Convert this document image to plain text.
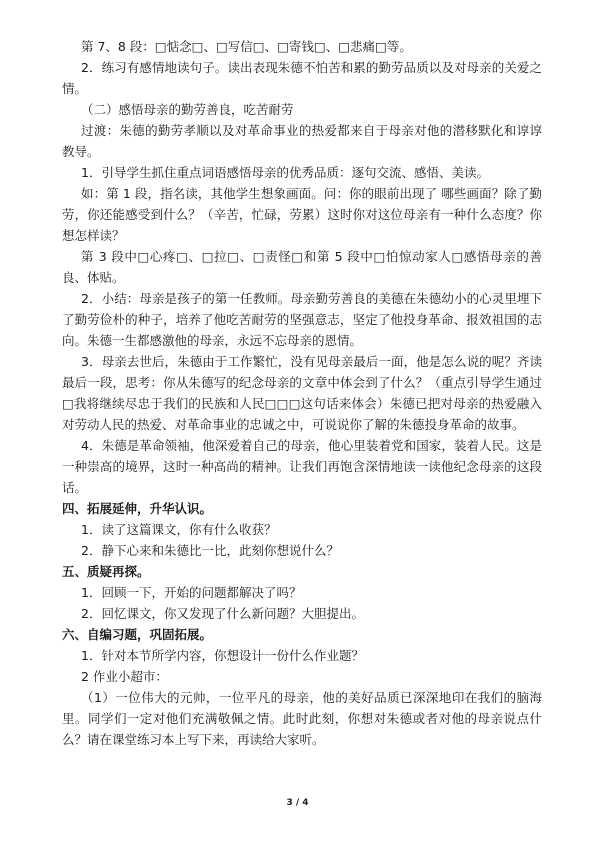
第 7、8 段：□惦念□、□写信□、□寄钱□、□悲痛□等。

2．练习有感情地读句子。读出表现朱德不怕苦和累的勤劳品质以及对母亲的关爱之情。

（二）感悟母亲的勤劳善良，吃苦耐劳

过渡：朱德的勤劳孝顺以及对革命事业的热爱都来自于母亲对他的潜移默化和谆谆教导。

1．引导学生抓住重点词语感悟母亲的优秀品质：逐句交流、感悟、美读。

如：第 1 段，指名读，其他学生想象画面。问：你的眼前出现了 哪些画面？除了勤劳，你还能感受到什么？（辛苦，忙碌，劳累）这时你对这位母亲有一种什么态度？你想怎样读？

第 3 段中□心疼□、□拉□、□责怪□和第 5 段中□怕惊动家人□感悟母亲的善良、体贴。

2．小结：母亲是孩子的第一任教师。母亲勤劳善良的美德在朱德幼小的心灵里埋下了勤劳俭朴的种子，培养了他吃苦耐劳的坚强意志，坚定了他投身革命、报效祖国的志向。朱德一生都感激他的母亲，永远不忘母亲的恩情。

3．母亲去世后，朱德由于工作繁忙，没有见母亲最后一面，他是怎么说的呢？齐读最后一段，思考：你从朱德写的纪念母亲的文章中体会到了什么？（重点引导学生通过□我将继续尽忠于我们的民族和人民□□□这句话来体会）朱德已把对母亲的热爱融入对劳动人民的热爱、对革命事业的忠诚之中，可说说你了解的朱德投身革命的故事。

4．朱德是革命领袖，他深爱着自己的母亲，他心里装着党和国家，装着人民。这是一种崇高的境界，这时一种高尚的精神。让我们再饱含深情地读一读他纪念母亲的这段话。

四、拓展延伸，升华认识。

1．读了这篇课文，你有什么收获？

2．静下心来和朱德比一比，此刻你想说什么？

五、质疑再探。

1．回顾一下，开始的问题都解决了吗？

2．回忆课文，你又发现了什么新问题？大胆提出。

六、自编习题，巩固拓展。

1．针对本节所学内容，你想设计一份什么作业题？

2 作业小超市：

（1）一位伟大的元帅，一位平凡的母亲，他的美好品质已深深地印在我们的脑海里。同学们一定对他们充满敬佩之情。此时此刻，你想对朱德或者对他的母亲说点什么？请在课堂练习本上写下来，再读给大家听。

3 / 4
